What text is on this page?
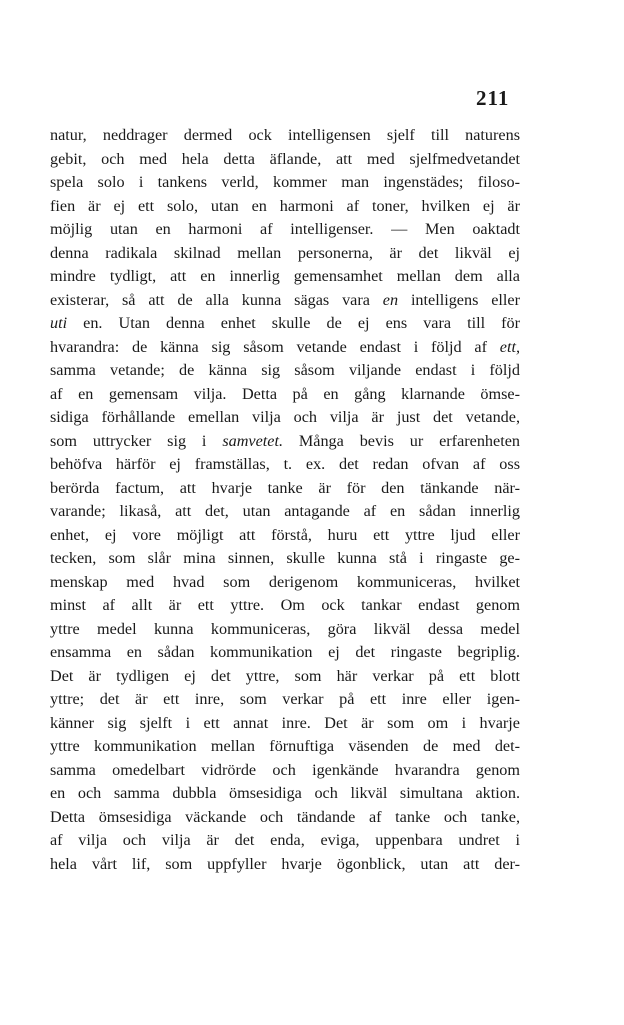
211
natur, neddrager dermed ock intelligensen sjelf till naturens
gebit, och med hela detta äflande, att med sjelfmedvetandet
spela solo i tankens verld, kommer man ingenstädes; filoso-
fien är ej ett solo, utan en harmoni af toner, hvilken ej är
möjlig utan en harmoni af intelligenser. — Men oaktadt
denna radikala skilnad mellan personerna, är det likväl ej
mindre tydligt, att en innerlig gemensamhet mellan dem alla
existerar, så att de alla kunna sägas vara en intelligens eller
uti en. Utan denna enhet skulle de ej ens vara till för
hvarandra: de känna sig såsom vetande endast i följd af ett,
samma vetande; de känna sig såsom viljande endast i följd
af en gemensam vilja. Detta på en gång klarnande ömse-
sidiga förhållande emellan vilja och vilja är just det vetande,
som uttrycker sig i samvetet. Många bevis ur erfarenheten
behöfva härför ej framställas, t. ex. det redan ofvan af oss
berörda factum, att hvarje tanke är för den tänkande när-
varande; likaså, att det, utan antagande af en sådan innerlig
enhet, ej vore möjligt att förstå, huru ett yttre ljud eller
tecken, som slår mina sinnen, skulle kunna stå i ringaste ge-
menskap med hvad som derigenom kommuniceras, hvilket
minst af allt är ett yttre. Om ock tankar endast genom
yttre medel kunna kommuniceras, göra likväl dessa medel
ensamma en sådan kommunikation ej det ringaste begriplig.
Det är tydligen ej det yttre, som här verkar på ett blott
yttre; det är ett inre, som verkar på ett inre eller igen-
känner sig sjelft i ett annat inre. Det är som om i hvarje
yttre kommunikation mellan förnuftiga väsenden de med det-
samma omedelbart vidrörde och igenkände hvarandra genom
en och samma dubbla ömsesidiga och likväl simultana aktion.
Detta ömsesidiga väckande och tändande af tanke och tanke,
af vilja och vilja är det enda, eviga, uppenbara undret i
hela vårt lif, som uppfyller hvarje ögonblick, utan att der-
